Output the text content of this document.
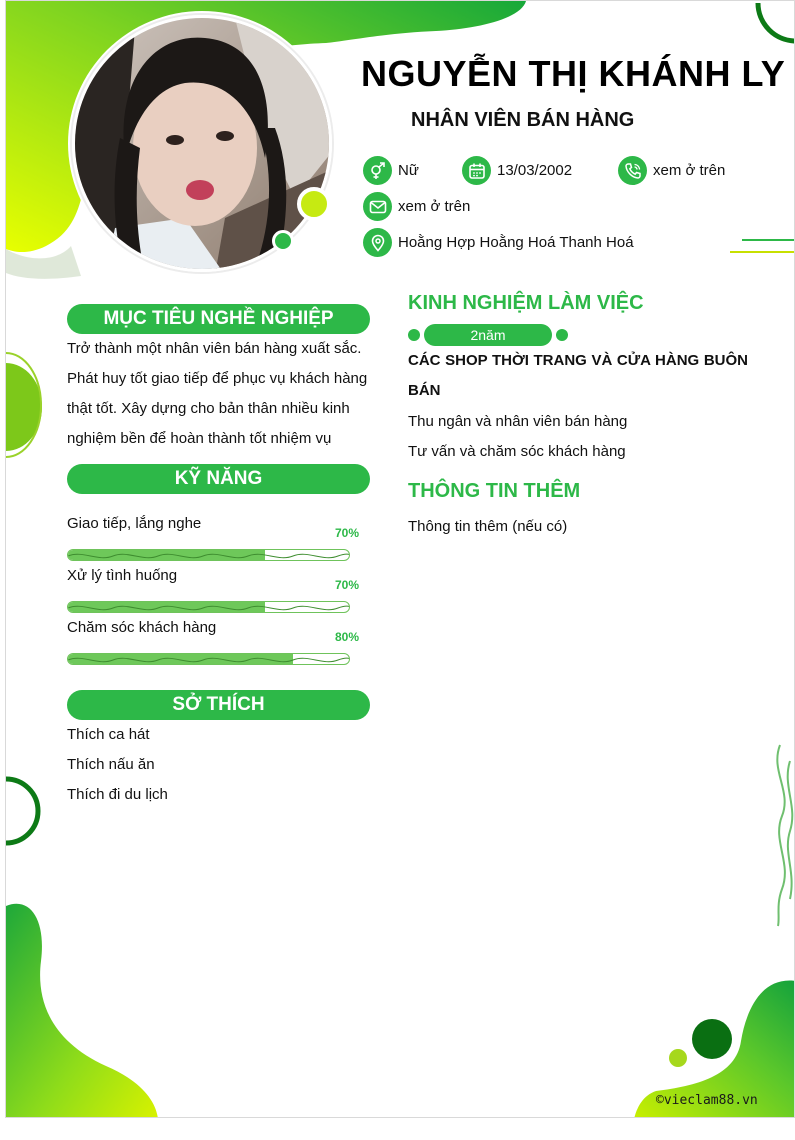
NGUYỄN THỊ KHÁNH LY
NHÂN VIÊN BÁN HÀNG
Nữ	13/03/2002	xem ở trên
xem ở trên
Hoằng Hợp Hoằng Hoá Thanh Hoá
MỤC TIÊU NGHỀ NGHIỆP
Trở thành một nhân viên bán hàng xuất sắc.
Phát huy tốt giao tiếp để phục vụ khách hàng
thật tốt. Xây dựng cho bản thân nhiều kinh
nghiệm bền để hoàn thành tốt nhiệm vụ
KỸ NĂNG
Giao tiếp, lắng nghe
70%
Xử lý tình huống
70%
Chăm sóc khách hàng
80%
SỞ THÍCH
Thích ca hát
Thích nấu ăn
Thích đi du lịch
KINH NGHIỆM LÀM VIỆC
2năm
CÁC SHOP THỜI TRANG VÀ CỬA HÀNG BUÔN BÁN
Thu ngân và nhân viên bán hàng
Tư vấn và chăm sóc khách hàng
THÔNG TIN THÊM
Thông tin thêm (nếu có)
©vieclam88.vn
